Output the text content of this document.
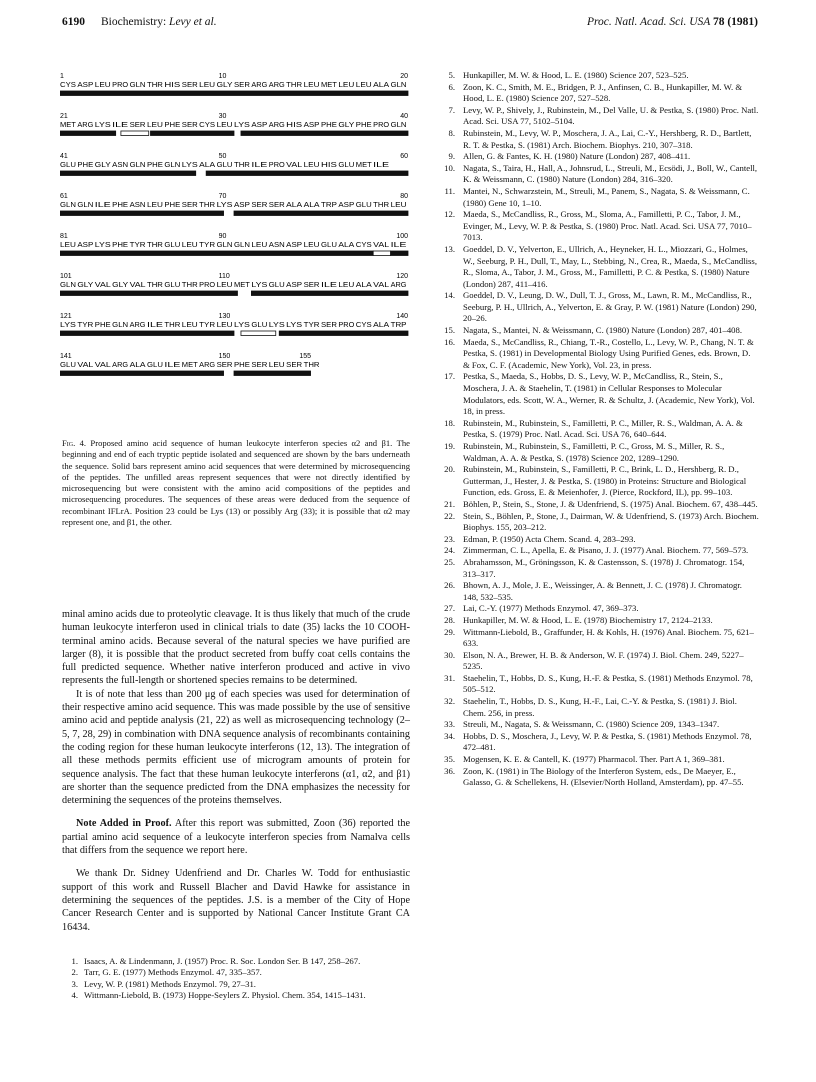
6190 Biochemistry: Levy et al.	Proc. Natl. Acad. Sci. USA 78 (1981)
1	10	20
CYS ASP LEU PRO GLN THR HIS SER LEU GLY SER ARG ARG THR LEU MET LEU LEU ALA GLN
21	30	40
MET ARG LYS ILE SER LEU PHE SER CYS LEU LYS ASP ARG HIS ASP PHE GLY PHE PRO GLN
41	50	60
GLU PHE GLY ASN GLN PHE GLN LYS ALA GLU THR ILE PRO VAL LEU HIS GLU MET ILE
61	70	80
GLN GLN ILE PHE ASN LEU PHE SER THR LYS ASP SER SER ALA ALA TRP ASP GLU THR LEU
81	90	100
LEU ASP LYS PHE TYR THR GLU LEU TYR GLN GLN LEU ASN ASP LEU GLU ALA CYS VAL ILE
101	110	120
GLN GLY VAL GLY VAL THR GLU THR PRO LEU MET LYS GLU ASP SER ILE LEU ALA VAL ARG
121	130	140
LYS TYR PHE GLN ARG ILE THR LEU TYR LEU LYS GLU LYS LYS TYR SER PRO CYS ALA TRP
141	150	155
GLU VAL VAL ARG ALA GLU ILE MET ARG SER PHE SER LEU SER THR
Fig. 4. Proposed amino acid sequence of human leukocyte interferon species α2 and β1. The beginning and end of each tryptic peptide isolated and sequenced are shown by the bars underneath the sequence. Solid bars represent amino acid sequences that were determined by microsequencing of the peptides. The unfilled areas represent sequences that were not directly identified by microsequencing but were consistent with the amino acid compositions of the peptides and microsequencing procedures. The sequences of these areas were deduced from the sequence of recombinant IFLrA. Position 23 could be Lys (13) or possibly Arg (33); it is possible that α2 may represent one, and β1, the other.

minal amino acids due to proteolytic cleavage. It is thus likely that much of the crude human leukocyte interferon used in clinical trials to date (35) lacks the 10 COOH-terminal amino acids. Because several of the natural species we have purified are larger (8), it is possible that the product secreted from buffy coat cells contains the full predicted sequence. Whether native interferon produced and active in vivo represents the full-length or shortened species remains to be determined.

It is of note that less than 200 μg of each species was used for determination of their respective amino acid sequence. This was made possible by the use of sensitive amino acid and peptide analysis (21, 22) as well as microsequencing technology (2–5, 7, 28, 29) in combination with DNA sequence analysis of recombinants containing the coding region for these human leukocyte interferons (12, 13). The integration of all these methods permits efficient use of microgram amounts of protein for sequence analysis. The fact that these human leukocyte interferons (α1, α2, and β1) are shorter than the sequence predicted from the DNA emphasizes the necessity for determining the sequences of the proteins themselves.

Note Added in Proof. After this report was submitted, Zoon (36) reported the partial amino acid sequence of a leukocyte interferon species from Namalva cells that differs from the sequence we report here.

We thank Dr. Sidney Udenfriend and Dr. Charles W. Todd for enthusiastic support of this work and Russell Blacher and David Hawke for assistance in determining the sequences of the peptides. J.S. is a member of the City of Hope Cancer Research Center and is supported by National Cancer Institute Grant CA 16434.

1. Isaacs, A. & Lindenmann, J. (1957) Proc. R. Soc. London Ser. B 147, 258–267.
2. Tarr, G. E. (1977) Methods Enzymol. 47, 335–357.
3. Levy, W. P. (1981) Methods Enzymol. 79, 27–31.
4. Wittmann-Liebold, B. (1973) Hoppe-Seylers Z. Physiol. Chem. 354, 1415–1431.
5. Hunkapiller, M. W. & Hood, L. E. (1980) Science 207, 523–525.
6. Zoon, K. C., Smith, M. E., Bridgen, P. J., Anfinsen, C. B., Hunkapiller, M. W. & Hood, L. E. (1980) Science 207, 527–528.
7. Levy, W. P., Shively, J., Rubinstein, M., Del Valle, U. & Pestka, S. (1980) Proc. Natl. Acad. Sci. USA 77, 5102–5104.
8. Rubinstein, M., Levy, W. P., Moschera, J. A., Lai, C.-Y., Hershberg, R. D., Bartlett, R. T. & Pestka, S. (1981) Arch. Biochem. Biophys. 210, 307–318.
9. Allen, G. & Fantes, K. H. (1980) Nature (London) 287, 408–411.
10. Nagata, S., Taira, H., Hall, A., Johnsrud, L., Streuli, M., Ecsödi, J., Boll, W., Cantell, K. & Weissmann, C. (1980) Nature (London) 284, 316–320.
11. Mantei, N., Schwarzstein, M., Streuli, M., Panem, S., Nagata, S. & Weissmann, C. (1980) Gene 10, 1–10.
12. Maeda, S., McCandliss, R., Gross, M., Sloma, A., Familletti, P. C., Tabor, J. M., Evinger, M., Levy, W. P. & Pestka, S. (1980) Proc. Natl. Acad. Sci. USA 77, 7010–7013.
13. Goeddel, D. V., Yelverton, E., Ullrich, A., Heyneker, H. L., Miozzari, G., Holmes, W., Seeburg, P. H., Dull, T., May, L., Stebbing, N., Crea, R., Maeda, S., McCandliss, R., Sloma, A., Tabor, J. M., Gross, M., Familletti, P. C. & Pestka, S. (1980) Nature (London) 287, 411–416.
14. Goeddel, D. V., Leung, D. W., Dull, T. J., Gross, M., Lawn, R. M., McCandliss, R., Seeburg, P. H., Ullrich, A., Yelverton, E. & Gray, P. W. (1981) Nature (London) 290, 20–26.
15. Nagata, S., Mantei, N. & Weissmann, C. (1980) Nature (London) 287, 401–408.
16. Maeda, S., McCandliss, R., Chiang, T.-R., Costello, L., Levy, W. P., Chang, N. T. & Pestka, S. (1981) in Developmental Biology Using Purified Genes, eds. Brown, D. & Fox, C. F. (Academic, New York), Vol. 23, in press.
17. Pestka, S., Maeda, S., Hobbs, D. S., Levy, W. P., McCandliss, R., Stein, S., Moschera, J. A. & Staehelin, T. (1981) in Cellular Responses to Molecular Modulators, eds. Scott, W. A., Werner, R. & Schultz, J. (Academic, New York), Vol. 18, in press.
18. Rubinstein, M., Rubinstein, S., Familletti, P. C., Miller, R. S., Waldman, A. A. & Pestka, S. (1979) Proc. Natl. Acad. Sci. USA 76, 640–644.
19. Rubinstein, M., Rubinstein, S., Familletti, P. C., Gross, M. S., Miller, R. S., Waldman, A. A. & Pestka, S. (1978) Science 202, 1289–1290.
20. Rubinstein, M., Rubinstein, S., Familletti, P. C., Brink, L. D., Hershberg, R. D., Gutterman, J., Hester, J. & Pestka, S. (1980) in Proteins: Structure and Biological Function, eds. Gross, E. & Meienhofer, J. (Pierce, Rockford, IL), pp. 99–103.
21. Böhlen, P., Stein, S., Stone, J. & Udenfriend, S. (1975) Anal. Biochem. 67, 438–445.
22. Stein, S., Böhlen, P., Stone, J., Dairman, W. & Udenfriend, S. (1973) Arch. Biochem. Biophys. 155, 203–212.
23. Edman, P. (1950) Acta Chem. Scand. 4, 283–293.
24. Zimmerman, C. L., Apella, E. & Pisano, J. J. (1977) Anal. Biochem. 77, 569–573.
25. Abrahamsson, M., Gröningsson, K. & Castensson, S. (1978) J. Chromatogr. 154, 313–317.
26. Bhown, A. J., Mole, J. E., Weissinger, A. & Bennett, J. C. (1978) J. Chromatogr. 148, 532–535.
27. Lai, C.-Y. (1977) Methods Enzymol. 47, 369–373.
28. Hunkapiller, M. W. & Hood, L. E. (1978) Biochemistry 17, 2124–2133.
29. Wittmann-Liebold, B., Graffunder, H. & Kohls, H. (1976) Anal. Biochem. 75, 621–633.
30. Elson, N. A., Brewer, H. B. & Anderson, W. F. (1974) J. Biol. Chem. 249, 5227–5235.
31. Staehelin, T., Hobbs, D. S., Kung, H.-F. & Pestka, S. (1981) Methods Enzymol. 78, 505–512.
32. Staehelin, T., Hobbs, D. S., Kung, H.-F., Lai, C.-Y. & Pestka, S. (1981) J. Biol. Chem. 256, in press.
33. Streuli, M., Nagata, S. & Weissmann, C. (1980) Science 209, 1343–1347.
34. Hobbs, D. S., Moschera, J., Levy, W. P. & Pestka, S. (1981) Methods Enzymol. 78, 472–481.
35. Mogensen, K. E. & Cantell, K. (1977) Pharmacol. Ther. Part A 1, 369–381.
36. Zoon, K. (1981) in The Biology of the Interferon System, eds., De Maeyer, E., Galasso, G. & Schellekens, H. (Elsevier/North Holland, Amsterdam), pp. 47–55.
